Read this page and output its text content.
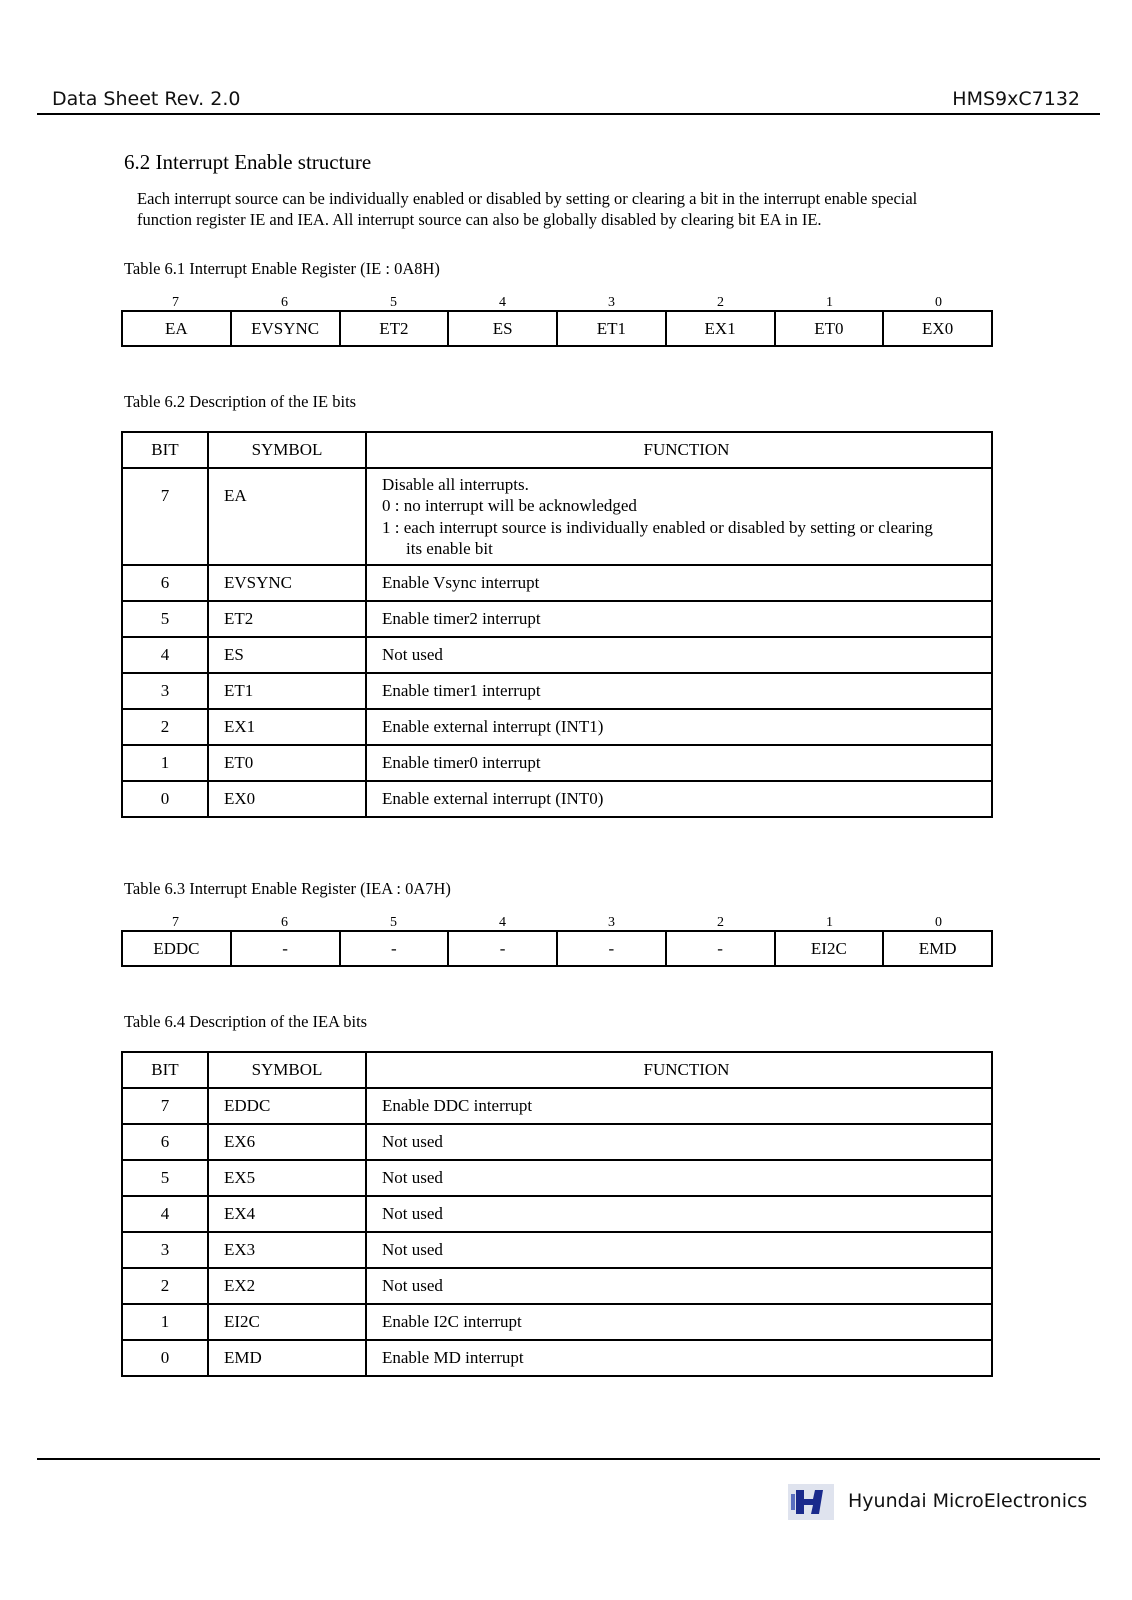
Data Sheet Rev. 2.0	HMS9xC7132
6.2 Interrupt Enable structure
Each interrupt source can be individually enabled or disabled by setting or clearing a bit in the interrupt enable special
function register IE and IEA. All interrupt source can also be globally disabled by clearing bit EA in IE.
Table 6.1 Interrupt Enable Register (IE : 0A8H)
7	6	5	4	3	2	1	0
EA	EVSYNC	ET2	ES	ET1	EX1	ET0	EX0
Table 6.2 Description of the IE bits
BIT	SYMBOL	FUNCTION
7	EA	Disable all interrupts.
0 : no interrupt will be acknowledged
1 : each interrupt source is individually enabled or disabled by setting or clearing
its enable bit

6	EVSYNC	Enable Vsync interrupt
5	ET2	Enable timer2 interrupt
4	ES	Not used
3	ET1	Enable timer1 interrupt
2	EX1	Enable external interrupt (INT1)
1	ET0	Enable timer0 interrupt
0	EX0	Enable external interrupt (INT0)
Table 6.3 Interrupt Enable Register (IEA : 0A7H)
7	6	5	4	3	2	1	0
EDDC	-	-	-	-	-	EI2C	EMD
Table 6.4 Description of the IEA bits
BIT	SYMBOL	FUNCTION
7	EDDC	Enable DDC interrupt
6	EX6	Not used
5	EX5	Not used
4	EX4	Not used
3	EX3	Not used
2	EX2	Not used
1	EI2C	Enable I2C interrupt
0	EMD	Enable MD interrupt
Hyundai MicroElectronics
